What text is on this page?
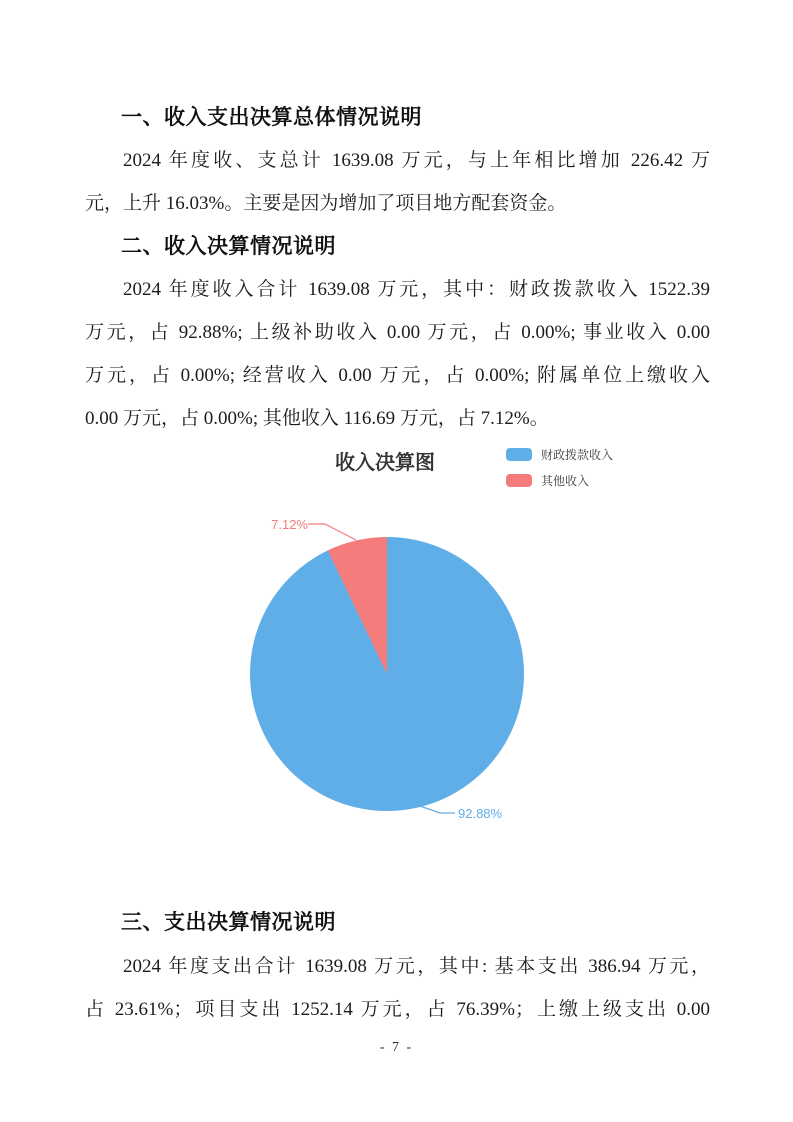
一、收入支出决算总体情况说明
2024 年度收、支总计 1639.08 万元，与上年相比增加 226.42 万
元，上升 16.03%。主要是因为增加了项目地方配套资金。
二、收入决算情况说明
2024 年度收入合计 1639.08 万元，其中：财政拨款收入 1522.39
万元，占 92.88%; 上级补助收入 0.00 万元，占 0.00%; 事业收入 0.00
万元，占 0.00%; 经营收入 0.00 万元，占 0.00%; 附属单位上缴收入
0.00 万元，占 0.00%; 其他收入 116.69 万元，占 7.12%。
收入决算图	财政拨款收入
其他收入
7.12%
92.88%
三、支出决算情况说明
2024 年度支出合计 1639.08 万元，其中: 基本支出 386.94 万元，
占 23.61%；项目支出 1252.14 万元，占 76.39%；上缴上级支出 0.00
- 7 -
